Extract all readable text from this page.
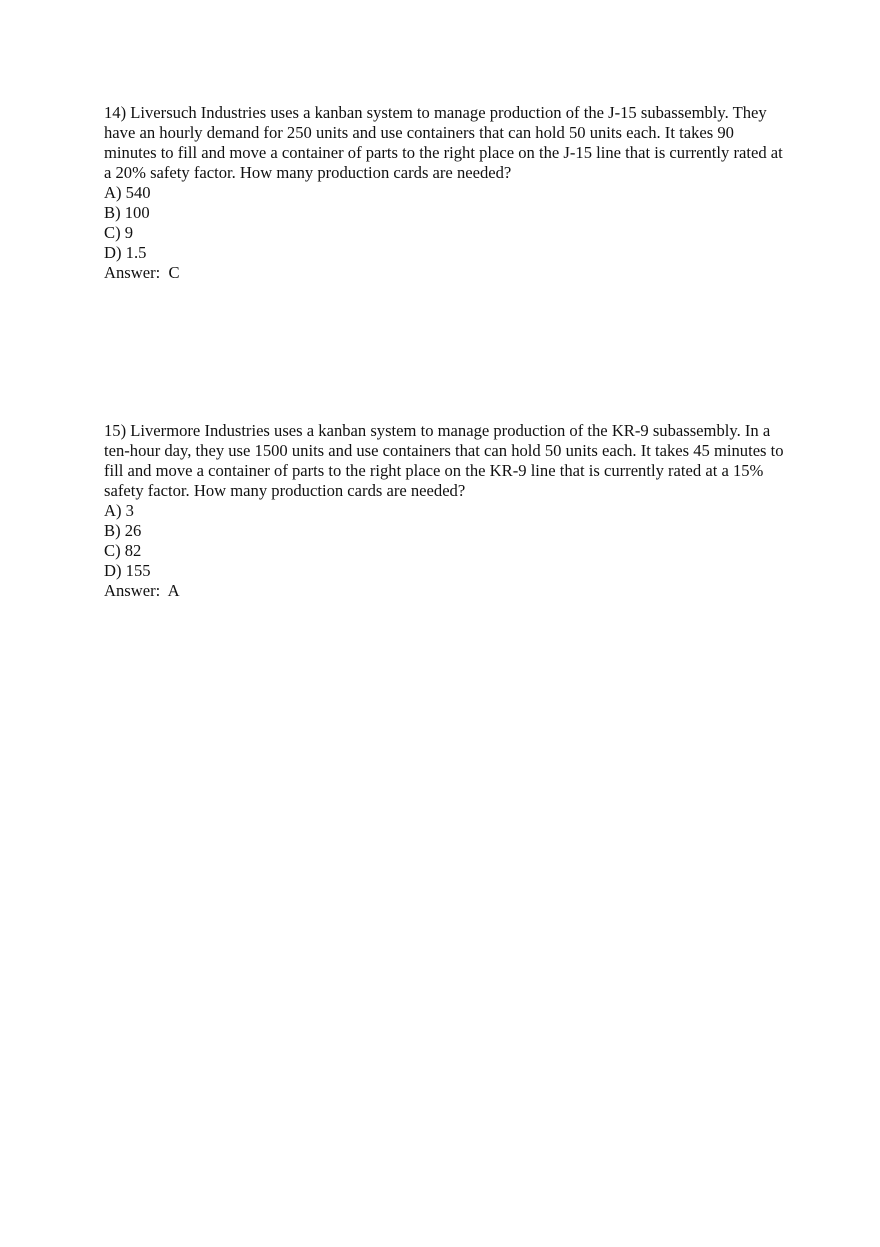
14) Liversuch Industries uses a kanban system to manage production of the J-15 subassembly. They have an hourly demand for 250 units and use containers that can hold 50 units each. It takes 90 minutes to fill and move a container of parts to the right place on the J-15 line that is currently rated at a 20% safety factor. How many production cards are needed?

A) 540
B) 100
C) 9
D) 1.5

Answer: C

15) Livermore Industries uses a kanban system to manage production of the KR-9 subassembly. In a ten-hour day, they use 1500 units and use containers that can hold 50 units each. It takes 45 minutes to fill and move a container of parts to the right place on the KR-9 line that is currently rated at a 15% safety factor. How many production cards are needed?

A) 3
B) 26
C) 82
D) 155

Answer: A
